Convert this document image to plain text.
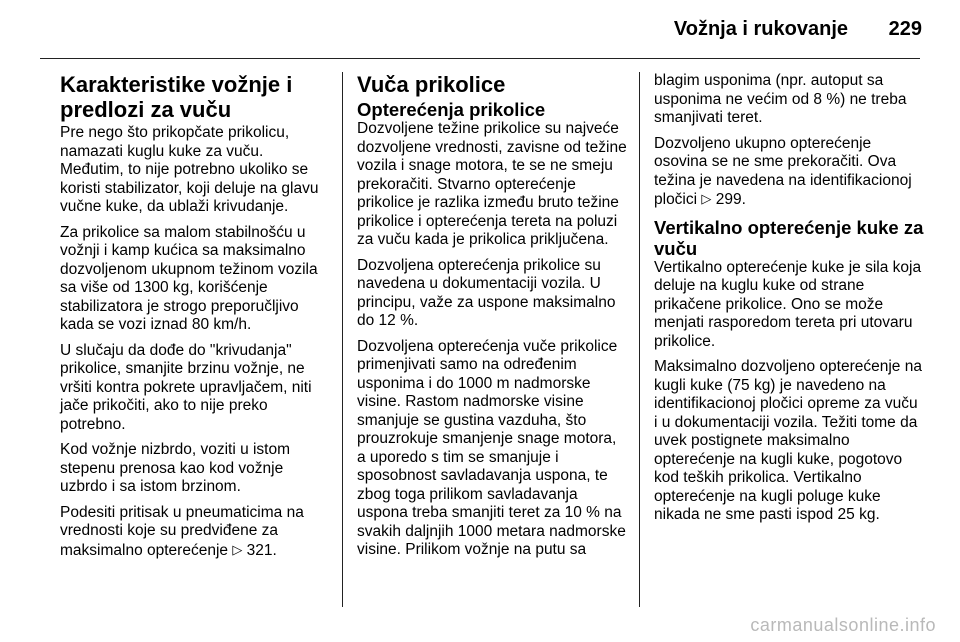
Vožnja i rukovanje 229
Karakteristike vožnje i predlozi za vuču

Pre nego što prikopčate prikolicu, namazati kuglu kuke za vuču. Međutim, to nije potrebno ukoliko se koristi stabilizator, koji deluje na glavu vučne kuke, da ublaži krivudanje.

Za prikolice sa malom stabilnošću u vožnji i kamp kućica sa maksimalno dozvoljenom ukupnom težinom vozila sa više od 1300 kg, korišćenje stabilizatora je strogo preporučljivo kada se vozi iznad 80 km/h.

U slučaju da dođe do "krivudanja" prikolice, smanjite brzinu vožnje, ne vršiti kontra pokrete upravljačem, niti jače prikočiti, ako to nije preko potrebno.

Kod vožnje nizbrdo, voziti u istom stepenu prenosa kao kod vožnje uzbrdo i sa istom brzinom.

Podesiti pritisak u pneumaticima na vrednosti koje su predviđene za maksimalno opterećenje ▷ 321.

Vuča prikolice
Opterećenja prikolice

Dozvoljene težine prikolice su najveće dozvoljene vrednosti, zavisne od težine vozila i snage motora, te se ne smeju prekoračiti. Stvarno opterećenje prikolice je razlika između bruto težine prikolice i opterećenja tereta na poluzi za vuču kada je prikolica priključena.

Dozvoljena opterećenja prikolice su navedena u dokumentaciji vozila. U principu, važe za uspone maksimalno do 12 %.

Dozvoljena opterećenja vuče prikolice primenjivati samo na određenim usponima i do 1000 m nadmorske visine. Rastom nadmorske visine smanjuje se gustina vazduha, što prouzrokuje smanjenje snage motora, a uporedo s tim se smanjuje i sposobnost savladavanja uspona, te zbog toga prilikom savladavanja uspona treba smanjiti teret za 10 % na svakih daljnjih 1000 metara nadmorske visine. Prilikom vožnje na putu sa

blagim usponima (npr. autoput sa usponima ne većim od 8 %) ne treba smanjivati teret.

Dozvoljeno ukupno opterećenje osovina se ne sme prekoračiti. Ova težina je navedena na identifikacionoj pločici ▷ 299.

Vertikalno opterećenje kuke za vuču

Vertikalno opterećenje kuke je sila koja deluje na kuglu kuke od strane prikačene prikolice. Ono se može menjati rasporedom tereta pri utovaru prikolice.

Maksimalno dozvoljeno opterećenje na kugli kuke (75 kg) je navedeno na identifikacionoj pločici opreme za vuču i u dokumentaciji vozila. Težiti tome da uvek postignete maksimalno opterećenje na kugli kuke, pogotovo kod teških prikolica. Vertikalno opterećenje na kugli poluge kuke nikada ne sme pasti ispod 25 kg.

carmanualsonline.info
